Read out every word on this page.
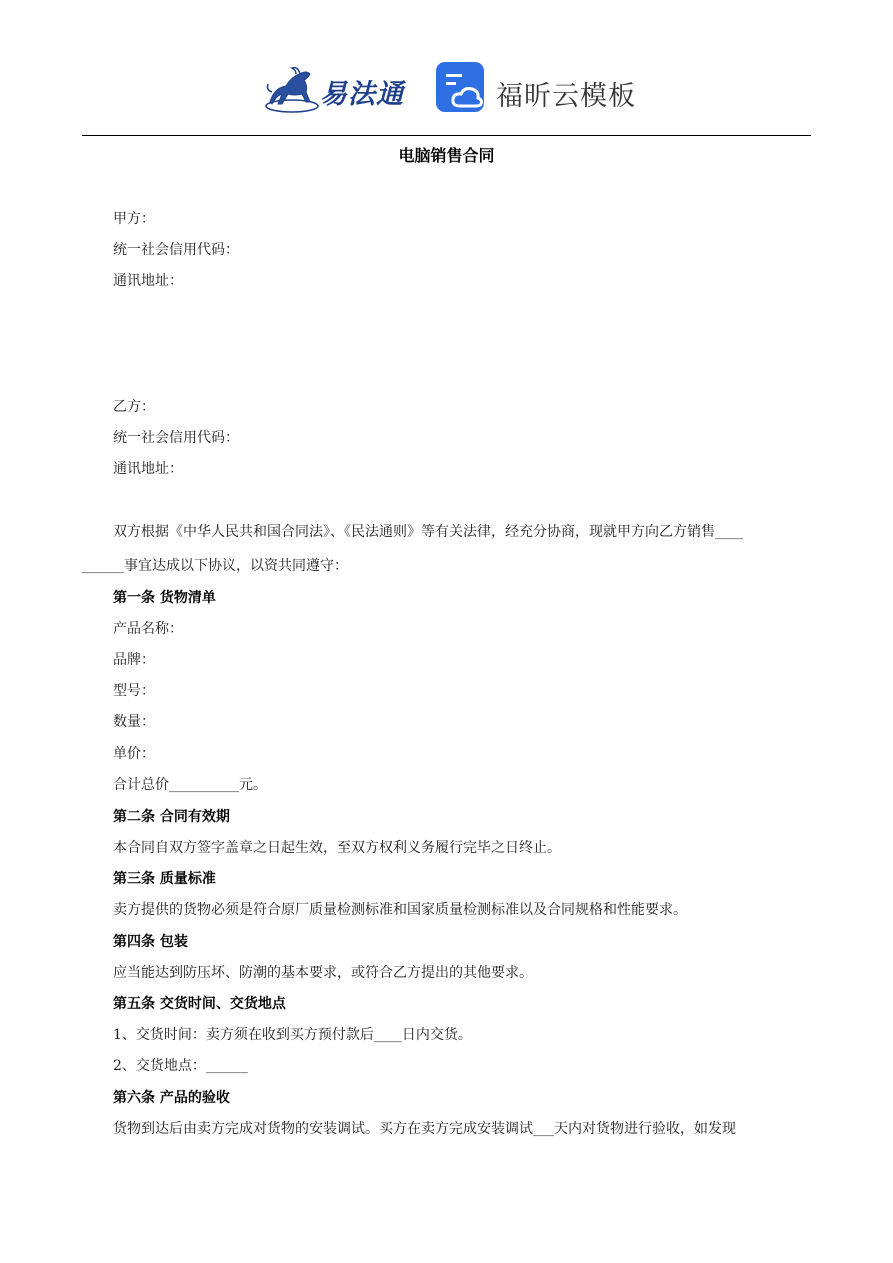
易法通	福昕云模板
电脑销售合同
甲方：
统一社会信用代码：
通讯地址：
乙方：
统一社会信用代码：
通讯地址：
双方根据《中华人民共和国合同法》、《民法通则》等有关法律，经充分协商，现就甲方向乙方销售____
______事宜达成以下协议，以资共同遵守：
第一条 货物清单
产品名称：
品牌：
型号：
数量：
单价：
合计总价__________元。
第二条 合同有效期
本合同自双方签字盖章之日起生效，至双方权利义务履行完毕之日终止。
第三条 质量标准
卖方提供的货物必须是符合原厂质量检测标准和国家质量检测标准以及合同规格和性能要求。
第四条 包装
应当能达到防压坏、防潮的基本要求，或符合乙方提出的其他要求。
第五条 交货时间、交货地点
1、交货时间：卖方须在收到买方预付款后____日内交货。
2、交货地点：______
第六条 产品的验收
货物到达后由卖方完成对货物的安装调试。买方在卖方完成安装调试___天内对货物进行验收，如发现
